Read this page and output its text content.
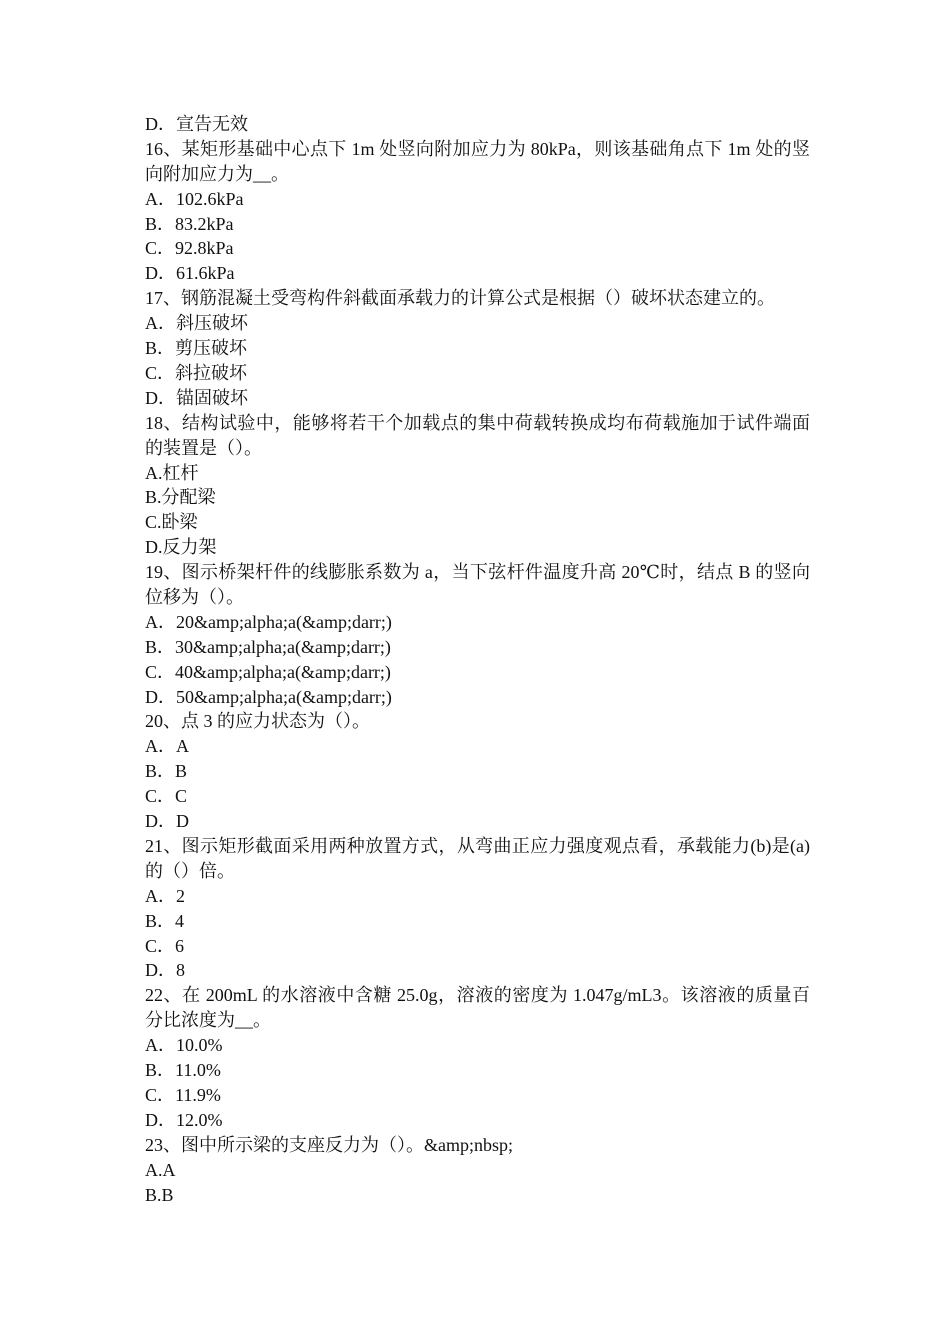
D．宣告无效
16、某矩形基础中心点下 1m 处竖向附加应力为 80kPa，则该基础角点下 1m 处的竖向附加应力为__。
A．102.6kPa
B．83.2kPa
C．92.8kPa
D．61.6kPa
17、钢筋混凝土受弯构件斜截面承载力的计算公式是根据（）破坏状态建立的。
A．斜压破坏
B．剪压破坏
C．斜拉破坏
D．锚固破坏
18、结构试验中，能够将若干个加载点的集中荷载转换成均布荷载施加于试件端面的装置是（）。
A.杠杆
B.分配梁
C.卧梁
D.反力架
19、图示桥架杆件的线膨胀系数为 a，当下弦杆件温度升高 20℃时，结点 B 的竖向位移为（）。
A．20&amp;alpha;a(&amp;darr;)
B．30&amp;alpha;a(&amp;darr;)
C．40&amp;alpha;a(&amp;darr;)
D．50&amp;alpha;a(&amp;darr;)
20、点 3 的应力状态为（）。
A．A
B．B
C．C
D．D
21、图示矩形截面采用两种放置方式，从弯曲正应力强度观点看，承载能力(b)是(a)的（）倍。
A．2
B．4
C．6
D．8
22、在 200mL 的水溶液中含糖 25.0g，溶液的密度为 1.047g/mL3。该溶液的质量百分比浓度为__。
A．10.0%
B．11.0%
C．11.9%
D．12.0%
23、图中所示梁的支座反力为（）。&amp;nbsp;
A.A
B.B
